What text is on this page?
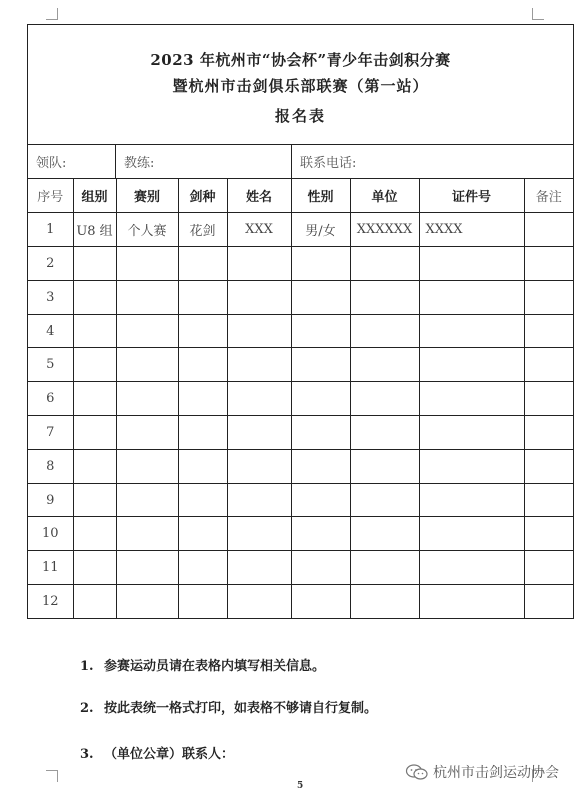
2023 年杭州市“协会杯”青少年击剑积分赛
暨杭州市击剑俱乐部联赛（第一站）
报名表
领队:	教练:	联系电话:
序号	组别	赛别	剑种	姓名	性别	单位	证件号	备注
1	U8 组	个人赛	花剑	XXX	男/女	XXXXXX	XXXX	
2								
3								
4								
5								
6								
7								
8								
9								
10								
11								
12								
1. 参赛运动员请在表格内填写相关信息。
2. 按此表统一格式打印，如表格不够请自行复制。
3. （单位公章）联系人：
5
杭州市击剑运动协会
